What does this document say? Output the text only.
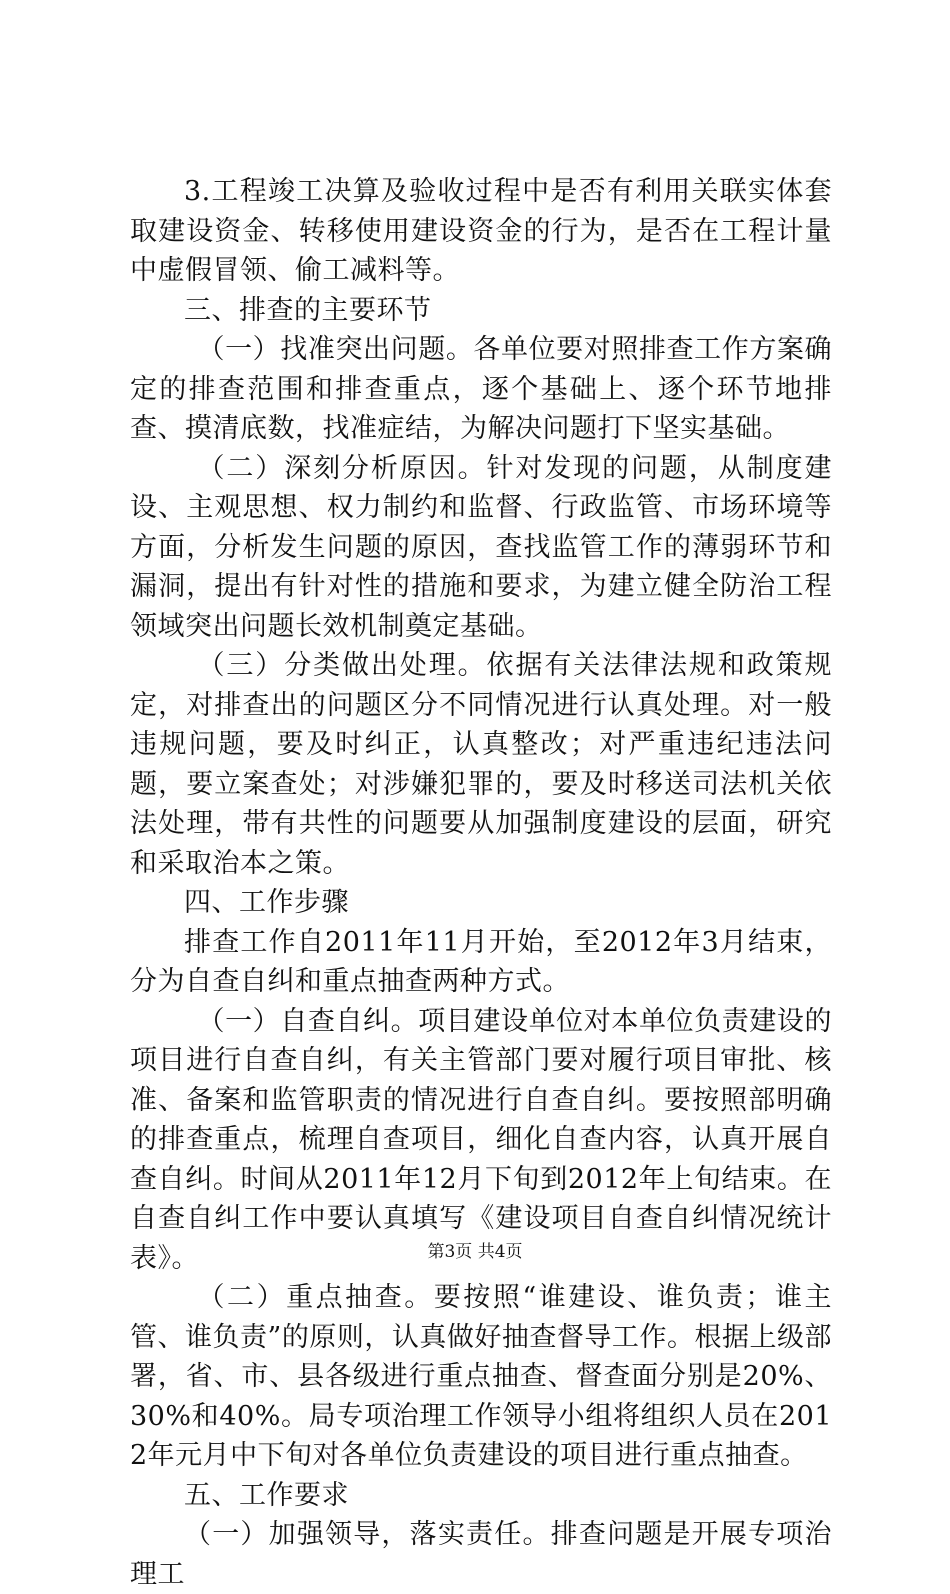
3.工程竣工决算及验收过程中是否有利用关联实体套取建设资金、转移使用建设资金的行为，是否在工程计量中虚假冒领、偷工减料等。

三、排查的主要环节

（一）找准突出问题。各单位要对照排查工作方案确定的排查范围和排查重点，逐个基础上、逐个环节地排查、摸清底数，找准症结，为解决问题打下坚实基础。

（二）深刻分析原因。针对发现的问题，从制度建设、主观思想、权力制约和监督、行政监管、市场环境等方面，分析发生问题的原因，查找监管工作的薄弱环节和漏洞，提出有针对性的措施和要求，为建立健全防治工程领域突出问题长效机制奠定基础。

（三）分类做出处理。依据有关法律法规和政策规定，对排查出的问题区分不同情况进行认真处理。对一般违规问题，要及时纠正，认真整改；对严重违纪违法问题，要立案查处；对涉嫌犯罪的，要及时移送司法机关依法处理，带有共性的问题要从加强制度建设的层面，研究和采取治本之策。

四、工作步骤

排查工作自2011年11月开始，至2012年3月结束，分为自查自纠和重点抽查两种方式。

（一）自查自纠。项目建设单位对本单位负责建设的项目进行自查自纠，有关主管部门要对履行项目审批、核准、备案和监管职责的情况进行自查自纠。要按照部明确的排查重点，梳理自查项目，细化自查内容，认真开展自查自纠。时间从2011年12月下旬到2012年上旬结束。在自查自纠工作中要认真填写《建设项目自查自纠情况统计表》。

（二）重点抽查。要按照“谁建设、谁负责；谁主管、谁负责”的原则，认真做好抽查督导工作。根据上级部署，省、市、县各级进行重点抽查、督查面分别是20%、30%和40%。局专项治理工作领导小组将组织人员在2012年元月中下旬对各单位负责建设的项目进行重点抽查。

五、工作要求

（一）加强领导，落实责任。排查问题是开展专项治理工

第3页 共4页
